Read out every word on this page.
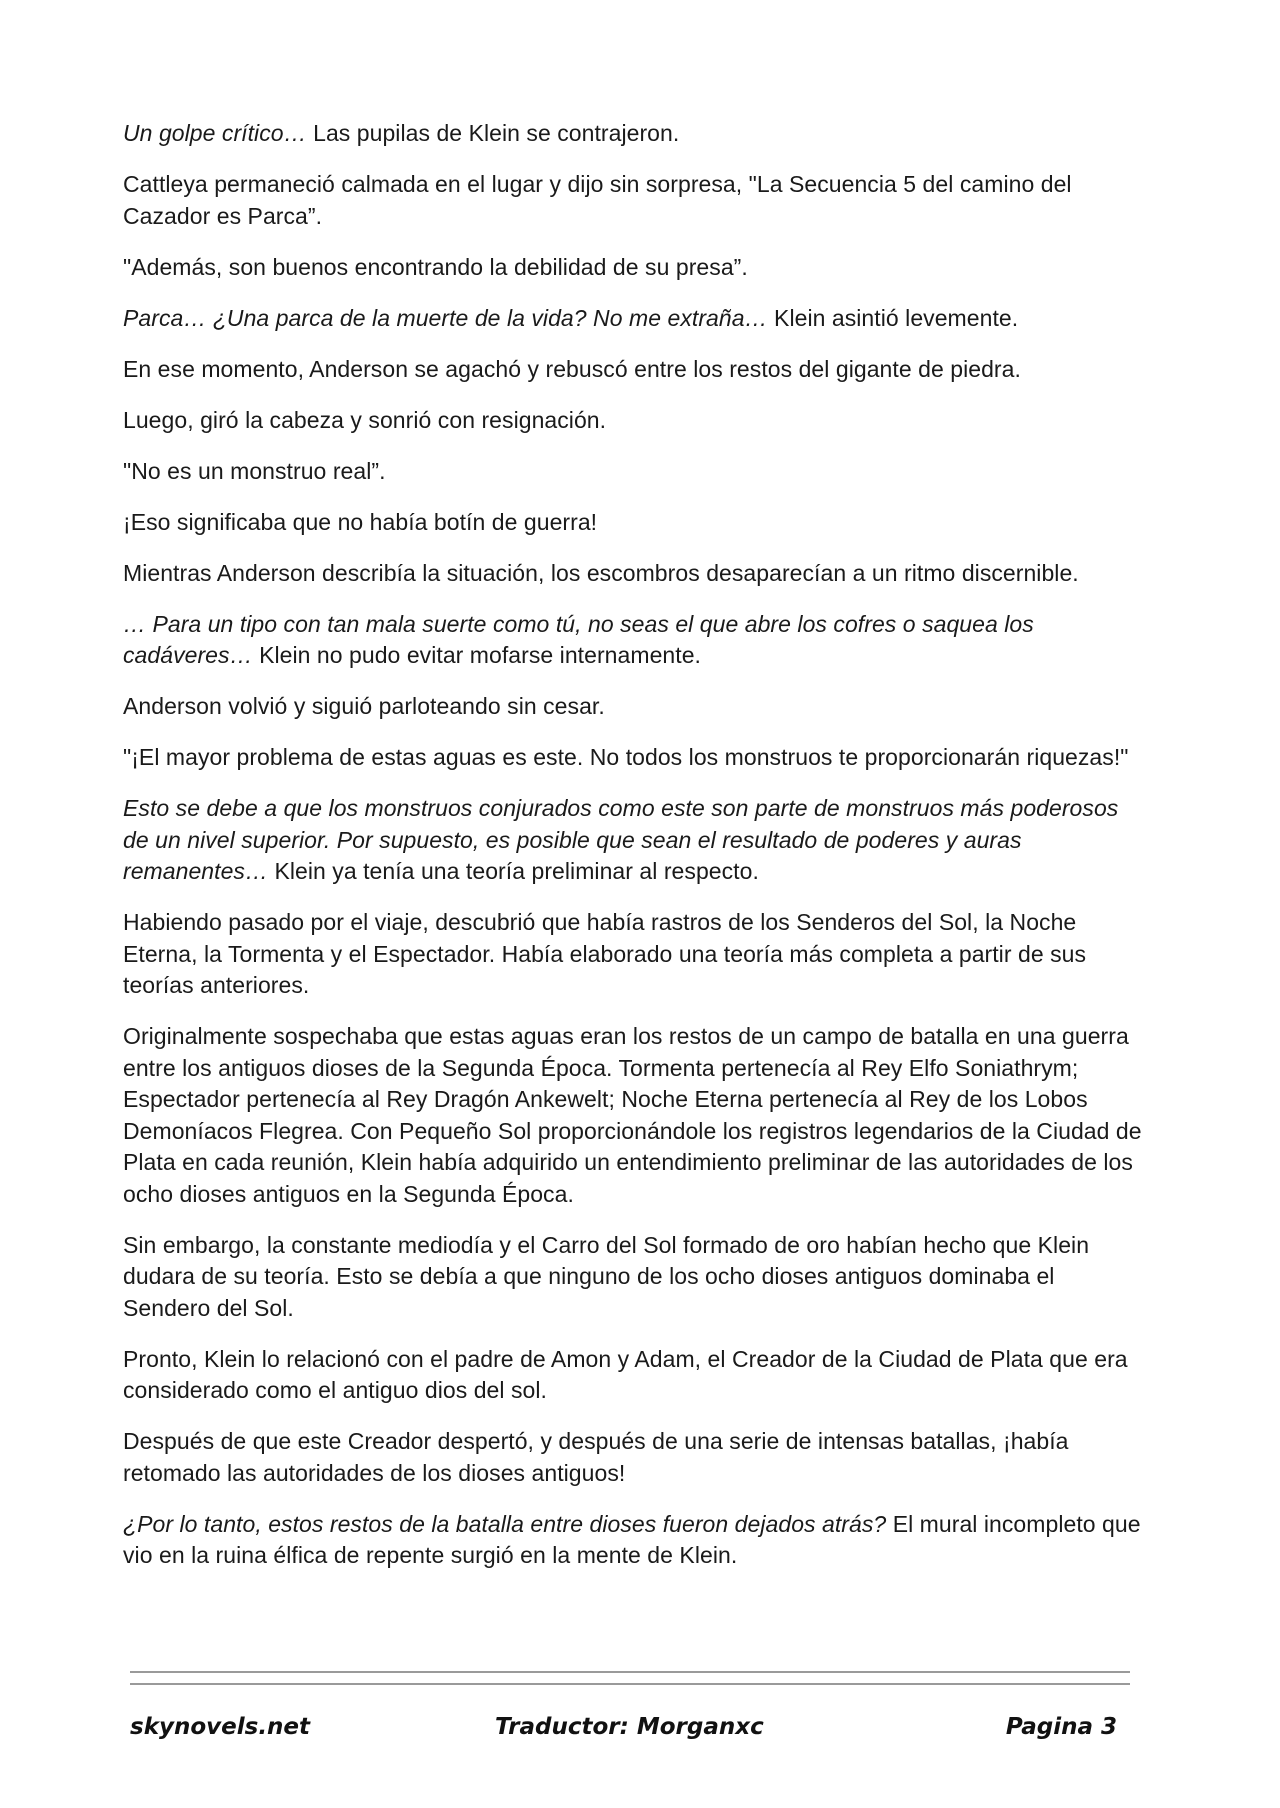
Un golpe crítico… Las pupilas de Klein se contrajeron.

Cattleya permaneció calmada en el lugar y dijo sin sorpresa, "La Secuencia 5 del camino del Cazador es Parca”.

"Además, son buenos encontrando la debilidad de su presa”.

Parca… ¿Una parca de la muerte de la vida? No me extraña… Klein asintió levemente.

En ese momento, Anderson se agachó y rebuscó entre los restos del gigante de piedra.

Luego, giró la cabeza y sonrió con resignación.

"No es un monstruo real”.

¡Eso significaba que no había botín de guerra!

Mientras Anderson describía la situación, los escombros desaparecían a un ritmo discernible.

… Para un tipo con tan mala suerte como tú, no seas el que abre los cofres o saquea los cadáveres… Klein no pudo evitar mofarse internamente.

Anderson volvió y siguió parloteando sin cesar.

"¡El mayor problema de estas aguas es este. No todos los monstruos te proporcionarán riquezas!"

Esto se debe a que los monstruos conjurados como este son parte de monstruos más poderosos de un nivel superior. Por supuesto, es posible que sean el resultado de poderes y auras remanentes… Klein ya tenía una teoría preliminar al respecto.

Habiendo pasado por el viaje, descubrió que había rastros de los Senderos del Sol, la Noche Eterna, la Tormenta y el Espectador. Había elaborado una teoría más completa a partir de sus teorías anteriores.

Originalmente sospechaba que estas aguas eran los restos de un campo de batalla en una guerra entre los antiguos dioses de la Segunda Época. Tormenta pertenecía al Rey Elfo Soniathrym; Espectador pertenecía al Rey Dragón Ankewelt; Noche Eterna pertenecía al Rey de los Lobos Demoníacos Flegrea. Con Pequeño Sol proporcionándole los registros legendarios de la Ciudad de Plata en cada reunión, Klein había adquirido un entendimiento preliminar de las autoridades de los ocho dioses antiguos en la Segunda Época.

Sin embargo, la constante mediodía y el Carro del Sol formado de oro habían hecho que Klein dudara de su teoría. Esto se debía a que ninguno de los ocho dioses antiguos dominaba el Sendero del Sol.

Pronto, Klein lo relacionó con el padre de Amon y Adam, el Creador de la Ciudad de Plata que era considerado como el antiguo dios del sol.

Después de que este Creador despertó, y después de una serie de intensas batallas, ¡había retomado las autoridades de los dioses antiguos!

¿Por lo tanto, estos restos de la batalla entre dioses fueron dejados atrás? El mural incompleto que vio en la ruina élfica de repente surgió en la mente de Klein.

skynovels.net	Traductor: Morganxc	Pagina 3
